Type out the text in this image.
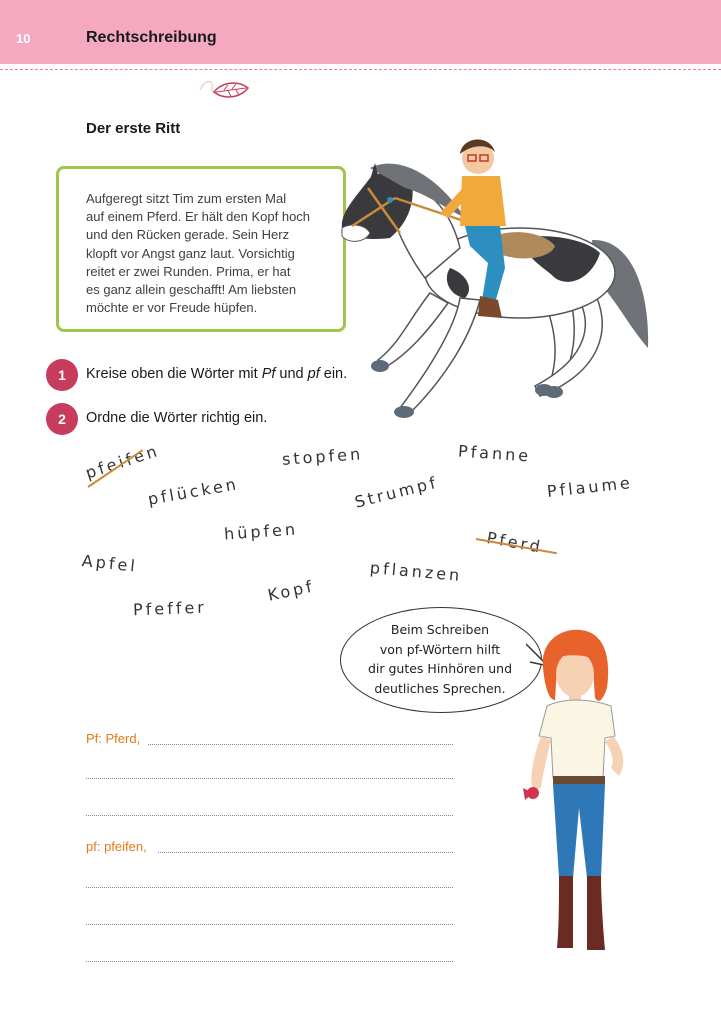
10	Rechtschreibung
Der erste Ritt
Aufgeregt sitzt Tim zum ersten Mal
auf einem Pferd. Er hält den Kopf hoch
und den Rücken gerade. Sein Herz
klopft vor Angst ganz laut. Vorsichtig
reitet er zwei Runden. Prima, er hat
es ganz allein geschafft! Am liebsten
möchte er vor Freude hüpfen.
1	Kreise oben die Wörter mit Pf und pf ein.
2	Ordne die Wörter richtig ein.
pfeifen	stopfen	Pfanne
pflücken	Strumpf	Pflaume
hüpfen	Pferd
Apfel	pflanzen
Pfeffer
Kopf
Beim Schreiben
von pf-Wörtern hilft
dir gutes Hinhören und
deutliches Sprechen.
Pf: Pferd,
pf: pfeifen,
